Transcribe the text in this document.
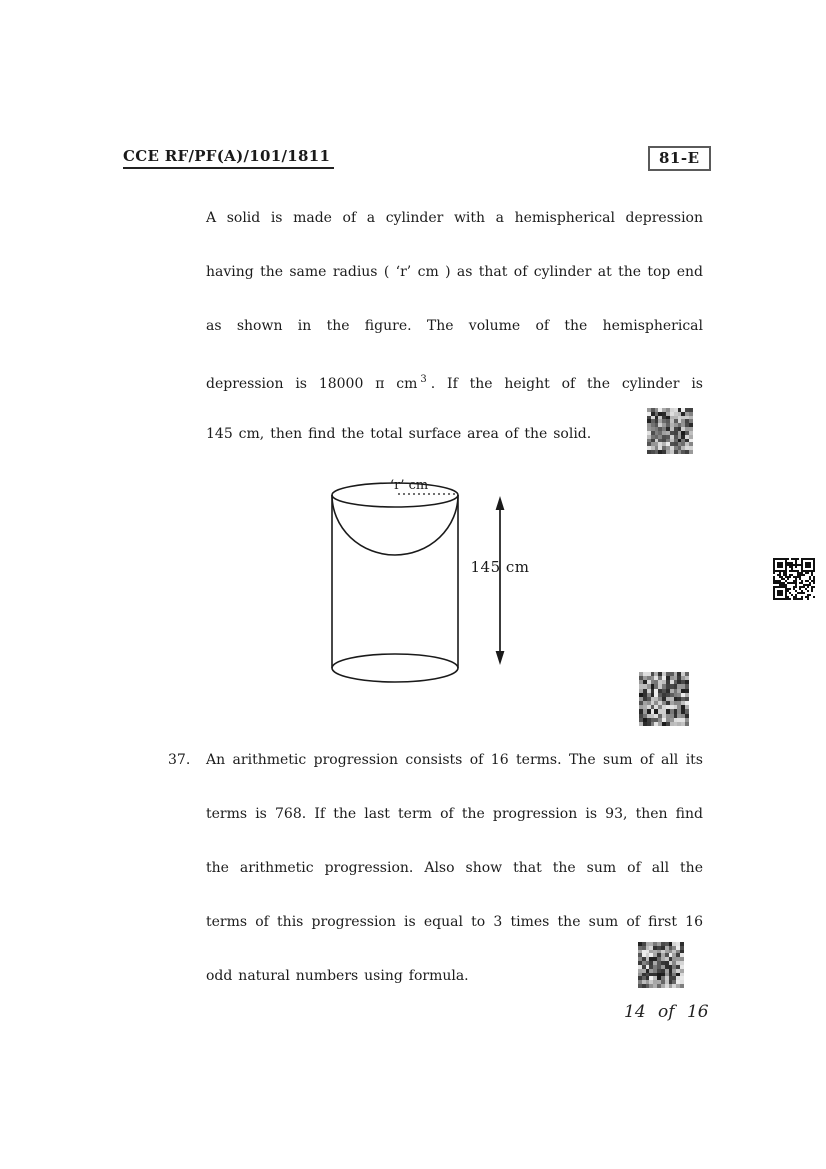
CCE RF/PF(A)/101/1811	81-E
A solid is made of a cylinder with a hemispherical depression
having the same radius ( ‘r’ cm ) as that of cylinder at the top end
as shown in the figure. The volume of the hemispherical
depression is 18000 π cm $^3$ . If the height of the cylinder is
145 cm, then find the total surface area of the solid.
‘r’ cm
145 cm
37. An arithmetic progression consists of 16 terms. The sum of all its
terms is 768. If the last term of the progression is 93, then find
the arithmetic progression. Also show that the sum of all the
terms of this progression is equal to 3 times the sum of first 16
odd natural numbers using formula.
14 of 16
